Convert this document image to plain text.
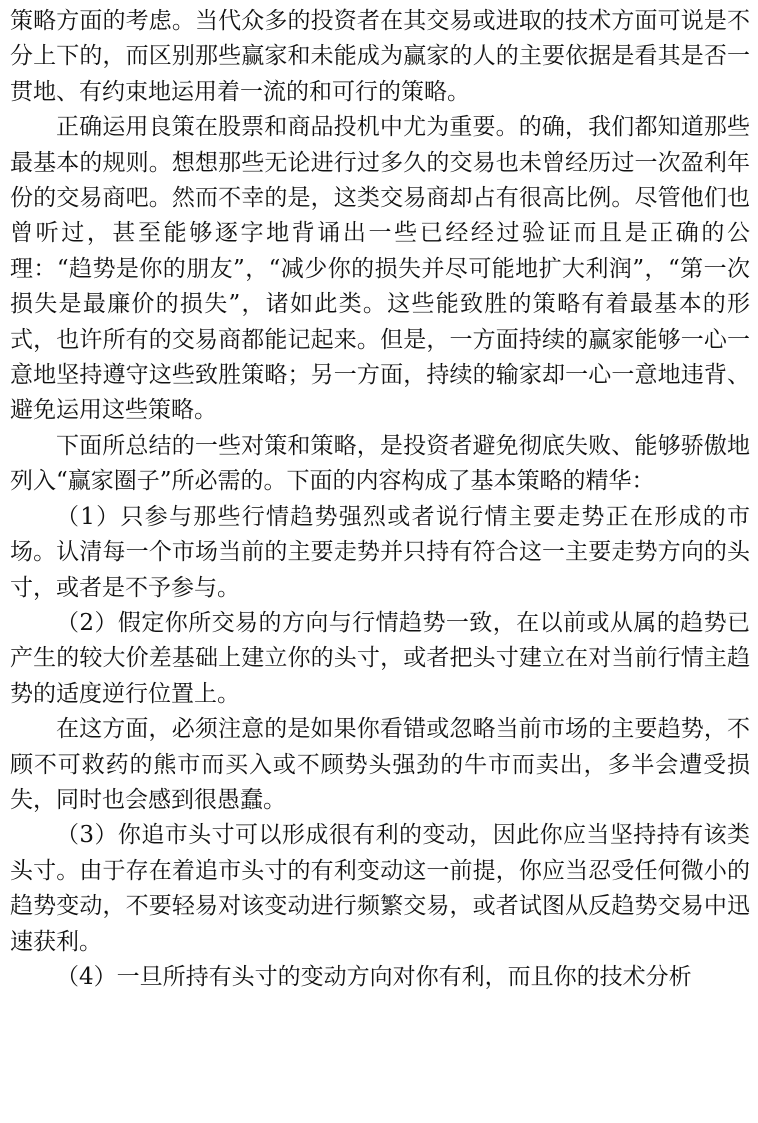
策略方面的考虑。当代众多的投资者在其交易或进取的技术方面可说是不分上下的，而区别那些赢家和未能成为赢家的人的主要依据是看其是否一贯地、有约束地运用着一流的和可行的策略。

正确运用良策在股票和商品投机中尤为重要。的确，我们都知道那些最基本的规则。想想那些无论进行过多久的交易也未曾经历过一次盈利年份的交易商吧。然而不幸的是，这类交易商却占有很高比例。尽管他们也曾听过，甚至能够逐字地背诵出一些已经经过验证而且是正确的公理：“趋势是你的朋友”，“减少你的损失并尽可能地扩大利润”，“第一次损失是最廉价的损失”，诸如此类。这些能致胜的策略有着最基本的形式，也许所有的交易商都能记起来。但是，一方面持续的赢家能够一心一意地坚持遵守这些致胜策略；另一方面，持续的输家却一心一意地违背、避免运用这些策略。

下面所总结的一些对策和策略，是投资者避免彻底失败、能够骄傲地列入“赢家圈子”所必需的。下面的内容构成了基本策略的精华：

（1）只参与那些行情趋势强烈或者说行情主要走势正在形成的市场。认清每一个市场当前的主要走势并只持有符合这一主要走势方向的头寸，或者是不予参与。

（2）假定你所交易的方向与行情趋势一致，在以前或从属的趋势已产生的较大价差基础上建立你的头寸，或者把头寸建立在对当前行情主趋势的适度逆行位置上。

在这方面，必须注意的是如果你看错或忽略当前市场的主要趋势，不顾不可救药的熊市而买入或不顾势头强劲的牛市而卖出，多半会遭受损失，同时也会感到很愚蠢。

（3）你追市头寸可以形成很有利的变动，因此你应当坚持持有该类头寸。由于存在着追市头寸的有利变动这一前提，你应当忍受任何微小的趋势变动，不要轻易对该变动进行频繁交易，或者试图从反趋势交易中迅速获利。

（4）一旦所持有头寸的变动方向对你有利，而且你的技术分析
